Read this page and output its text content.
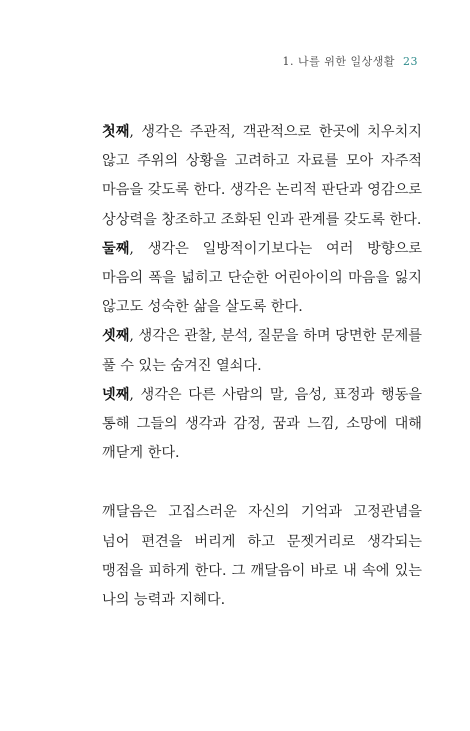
1. 나를 위한 일상생활 23

첫째, 생각은 주관적, 객관적으로 한곳에 치우치지 않고 주위의 상황을 고려하고 자료를 모아 자주적 마음을 갖도록 한다. 생각은 논리적 판단과 영감으로 상상력을 창조하고 조화된 인과 관계를 갖도록 한다.

둘째, 생각은 일방적이기보다는 여러 방향으로 마음의 폭을 넓히고 단순한 어린아이의 마음을 잃지 않고도 성숙한 삶을 살도록 한다.

셋째, 생각은 관찰, 분석, 질문을 하며 당면한 문제를 풀 수 있는 숨겨진 열쇠다.

넷째, 생각은 다른 사람의 말, 음성, 표정과 행동을 통해 그들의 생각과 감정, 꿈과 느낌, 소망에 대해 깨닫게 한다.

깨달음은 고집스러운 자신의 기억과 고정관념을 넘어 편견을 버리게 하고 문젯거리로 생각되는 맹점을 피하게 한다. 그 깨달음이 바로 내 속에 있는 나의 능력과 지혜다.
